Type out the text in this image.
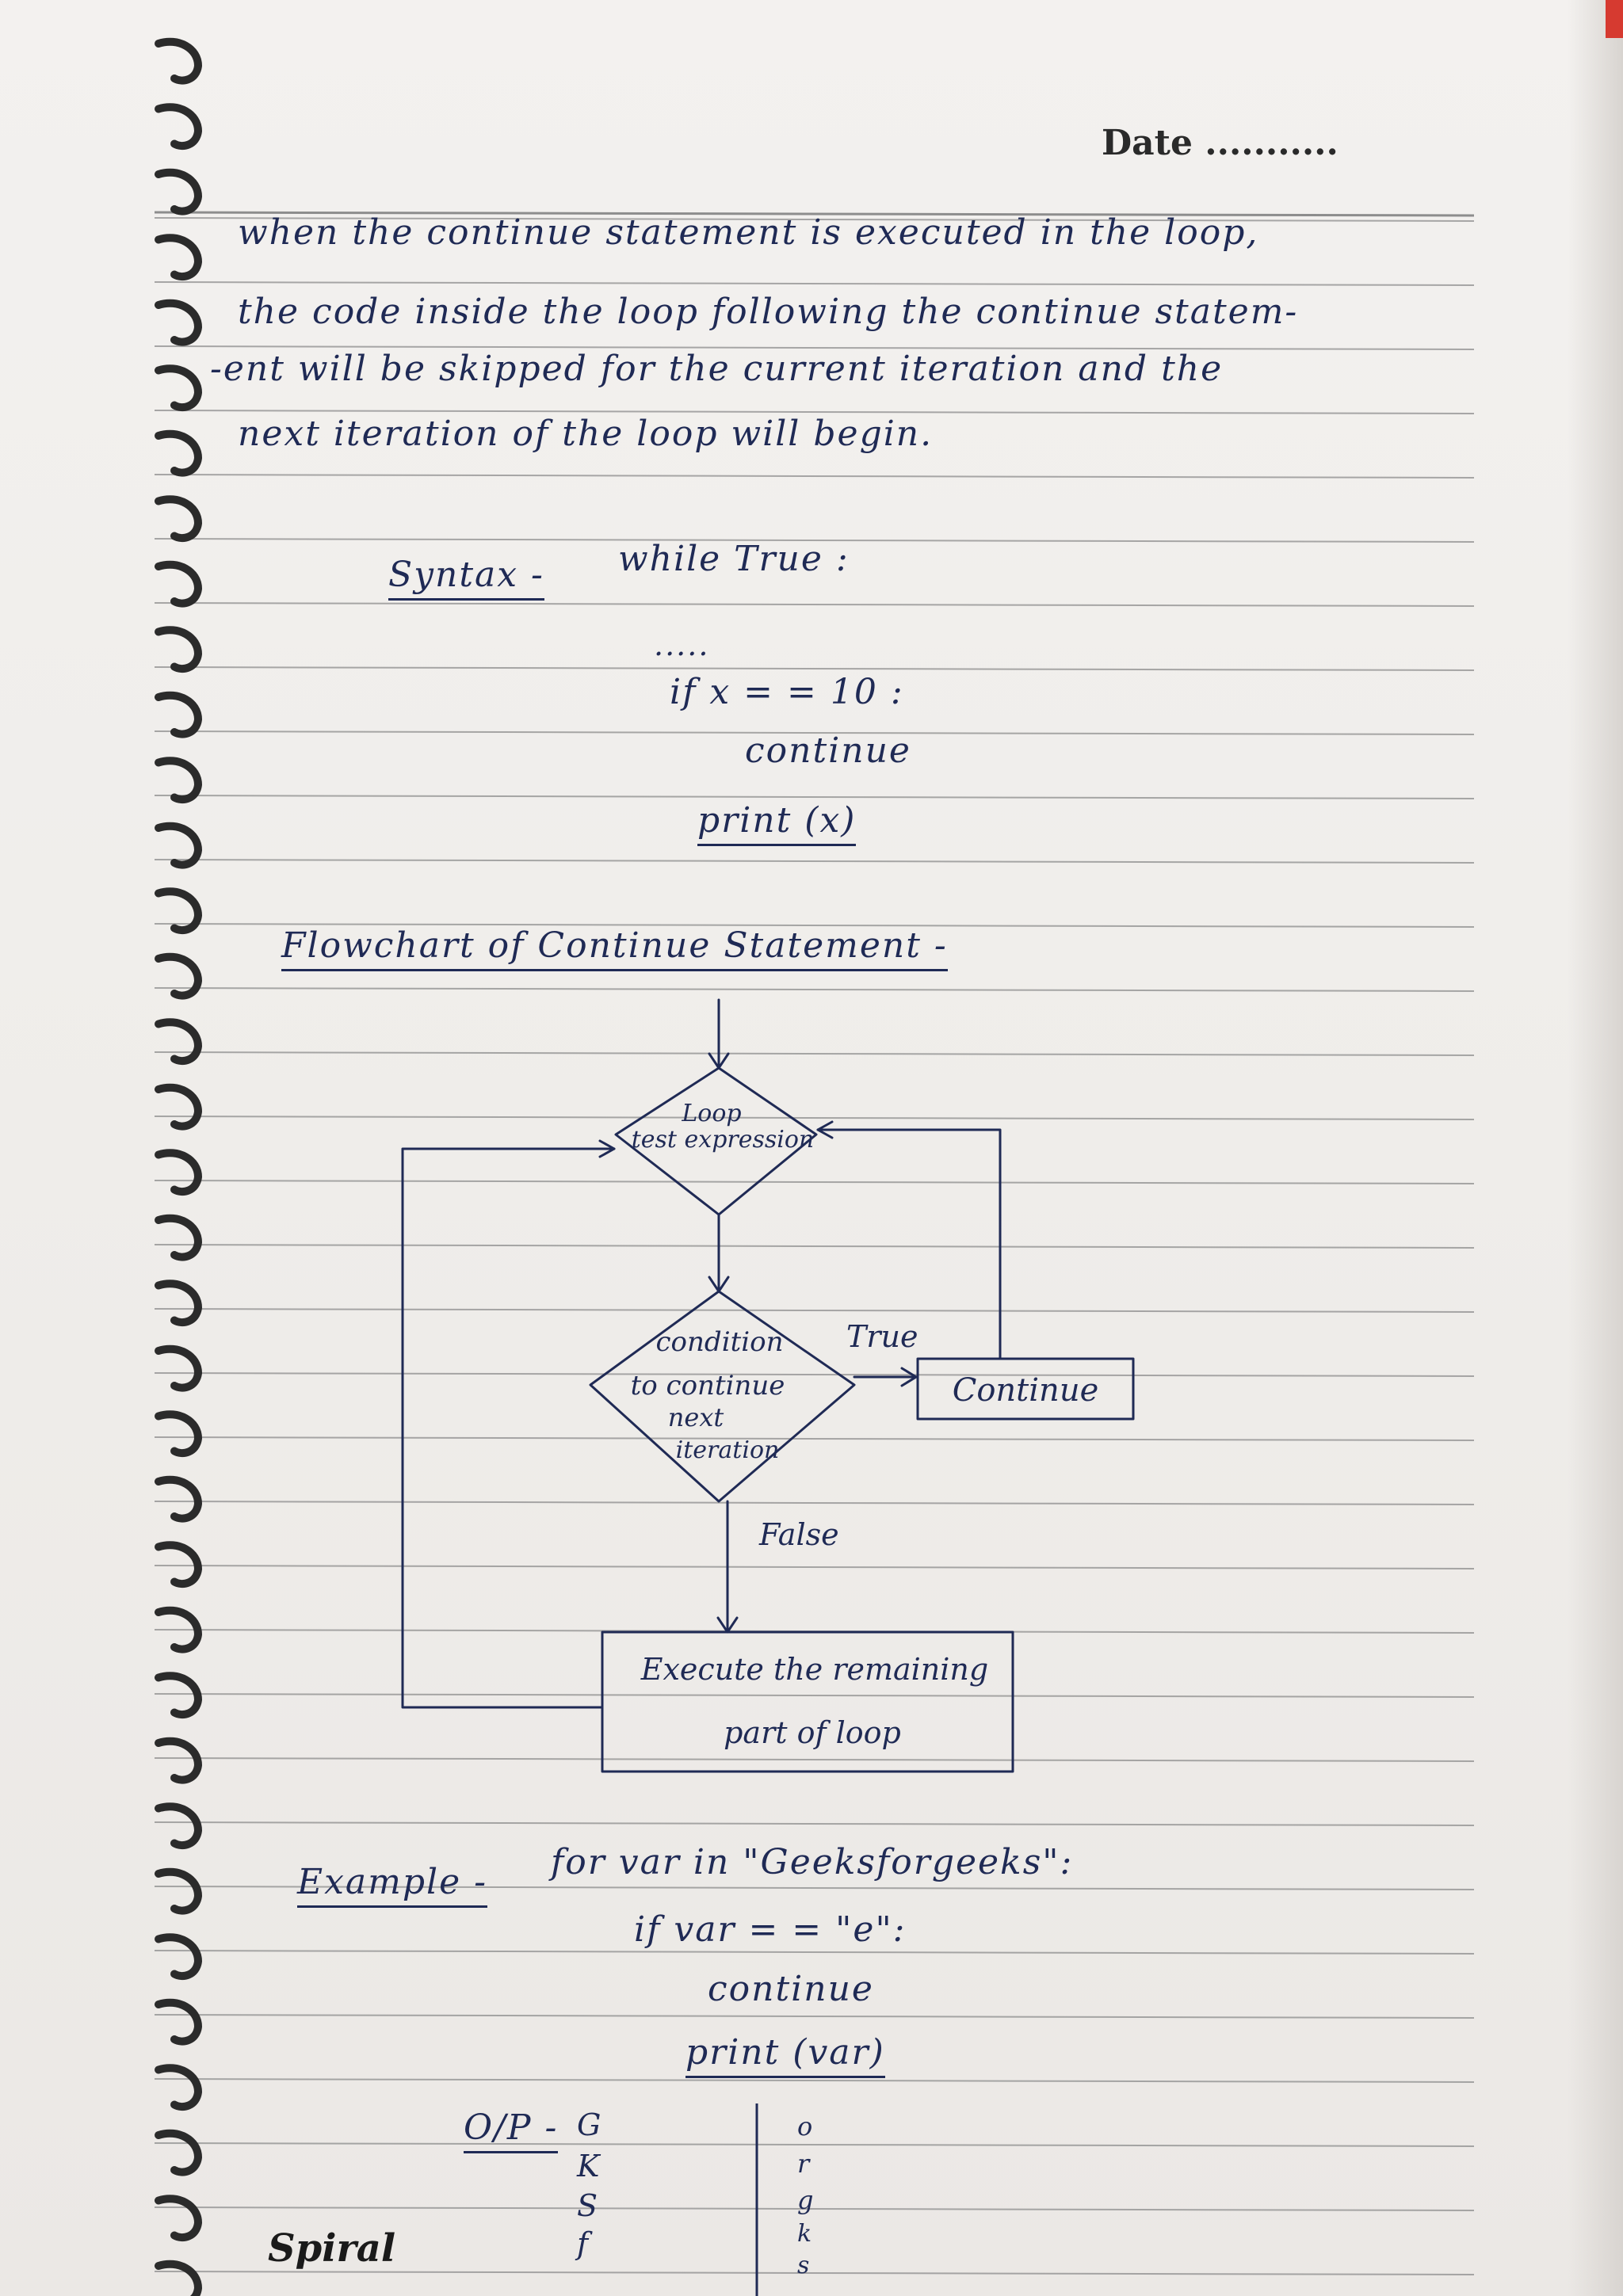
Date ...........
when the continue statement is executed in the loop,
the code inside the loop following the continue statem-
-ent will be skipped for the current iteration and the
next iteration of the loop will begin.
Syntax - while True :
.....
if x = = 10 :
continue
print (x)
Flowchart of Continue Statement -
Loop
test expression
condition
to continue
next
iteration
True
Continue
False
Execute the remaining
part of loop
Example - for var in "Geeksforgeeks":
if var = = "e":
continue
print (var)
O/P - G
K
S
f
o
r
g
k
s
Spiral
